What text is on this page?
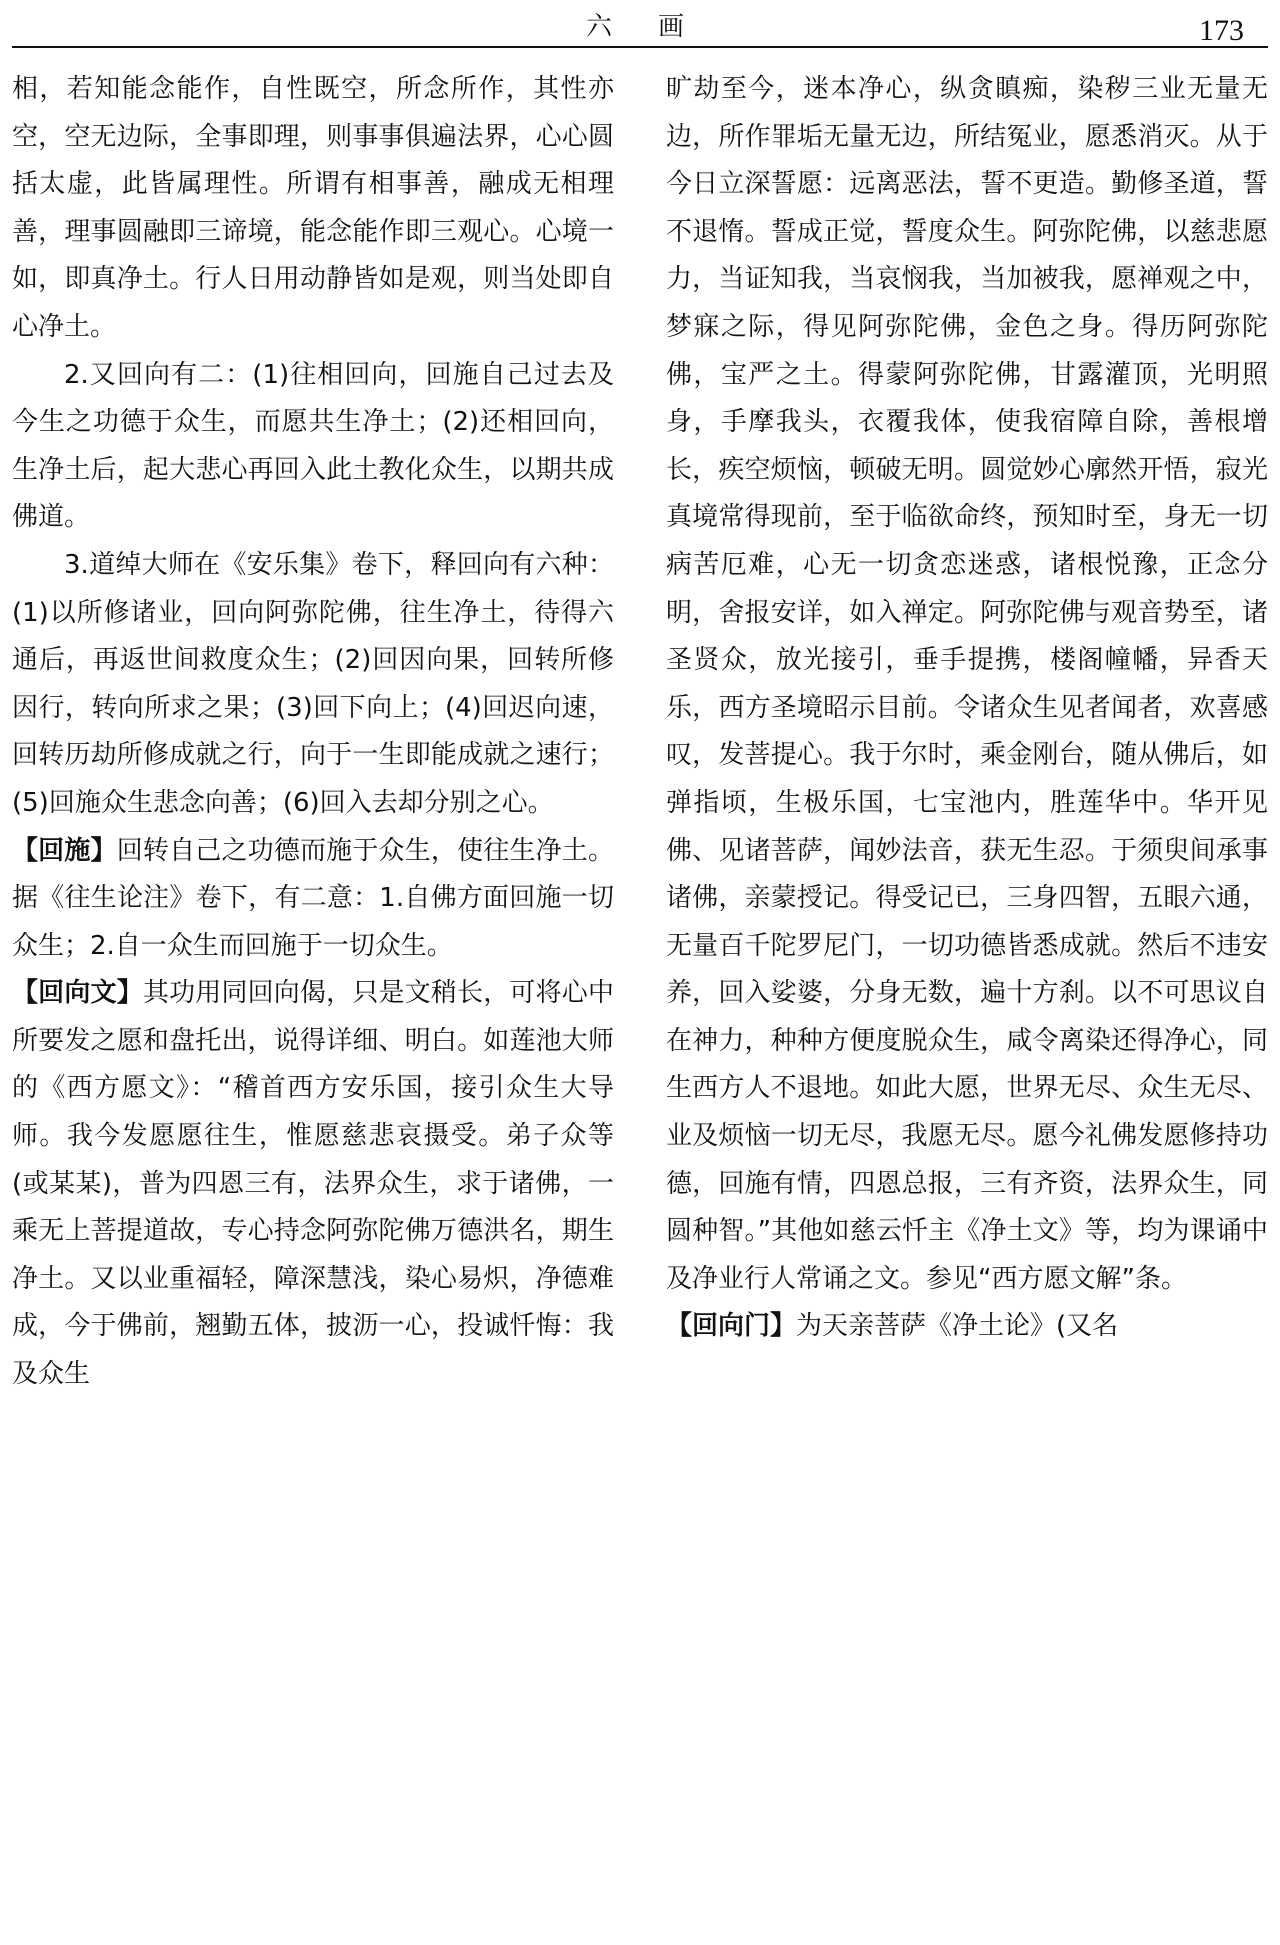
六　画	173

相，若知能念能作，自性既空，所念所作，其性亦空，空无边际，全事即理，则事事俱遍法界，心心圆括太虚，此皆属理性。所谓有相事善，融成无相理善，理事圆融即三谛境，能念能作即三观心。心境一如，即真净土。行人日用动静皆如是观，则当处即自心净土。

2.又回向有二：(1)往相回向，回施自己过去及今生之功德于众生，而愿共生净土；(2)还相回向，生净土后，起大悲心再回入此土教化众生，以期共成佛道。

3.道绰大师在《安乐集》卷下，释回向有六种：(1)以所修诸业，回向阿弥陀佛，往生净土，待得六通后，再返世间救度众生；(2)回因向果，回转所修因行，转向所求之果；(3)回下向上；(4)回迟向速，回转历劫所修成就之行，向于一生即能成就之速行；(5)回施众生悲念向善；(6)回入去却分别之心。

【回施】回转自己之功德而施于众生，使往生净土。据《往生论注》卷下，有二意：1.自佛方面回施一切众生；2.自一众生而回施于一切众生。

【回向文】其功用同回向偈，只是文稍长，可将心中所要发之愿和盘托出，说得详细、明白。如莲池大师的《西方愿文》：“稽首西方安乐国，接引众生大导师。我今发愿愿往生，惟愿慈悲哀摄受。弟子众等(或某某)，普为四恩三有，法界众生，求于诸佛，一乘无上菩提道故，专心持念阿弥陀佛万德洪名，期生净土。又以业重福轻，障深慧浅，染心易炽，净德难成，今于佛前，翘勤五体，披沥一心，投诚忏悔：我及众生

旷劫至今，迷本净心，纵贪瞋痴，染秽三业无量无边，所作罪垢无量无边，所结冤业，愿悉消灭。从于今日立深誓愿：远离恶法，誓不更造。勤修圣道，誓不退惰。誓成正觉，誓度众生。阿弥陀佛，以慈悲愿力，当证知我，当哀悯我，当加被我，愿禅观之中，梦寐之际，得见阿弥陀佛，金色之身。得历阿弥陀佛，宝严之土。得蒙阿弥陀佛，甘露灌顶，光明照身，手摩我头，衣覆我体，使我宿障自除，善根增长，疾空烦恼，顿破无明。圆觉妙心廓然开悟，寂光真境常得现前，至于临欲命终，预知时至，身无一切病苦厄难，心无一切贪恋迷惑，诸根悦豫，正念分明，舍报安详，如入禅定。阿弥陀佛与观音势至，诸圣贤众，放光接引，垂手提携，楼阁幢幡，异香天乐，西方圣境昭示目前。令诸众生见者闻者，欢喜感叹，发菩提心。我于尔时，乘金刚台，随从佛后，如弹指顷，生极乐国，七宝池内，胜莲华中。华开见佛、见诸菩萨，闻妙法音，获无生忍。于须臾间承事诸佛，亲蒙授记。得受记已，三身四智，五眼六通，无量百千陀罗尼门，一切功德皆悉成就。然后不违安养，回入娑婆，分身无数，遍十方刹。以不可思议自在神力，种种方便度脱众生，咸令离染还得净心，同生西方人不退地。如此大愿，世界无尽、众生无尽、业及烦恼一切无尽，我愿无尽。愿今礼佛发愿修持功德，回施有情，四恩总报，三有齐资，法界众生，同圆种智。”其他如慈云忏主《净土文》等，均为课诵中及净业行人常诵之文。参见“西方愿文解”条。

【回向门】为天亲菩萨《净土论》(又名
